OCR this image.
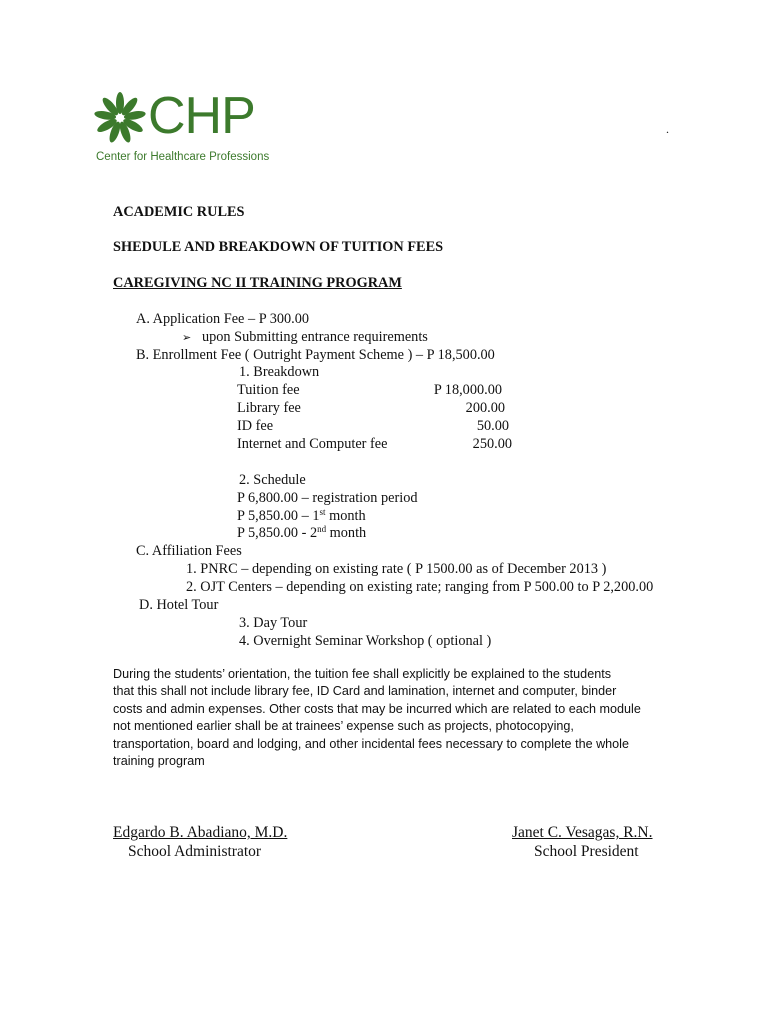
CHP
Center for Healthcare Professions
.
ACADEMIC RULES
SHEDULE AND BREAKDOWN OF TUITION FEES
CAREGIVING NC II TRAINING PROGRAM
A. Application Fee – P 300.00
➢ upon Submitting entrance requirements
B. Enrollment Fee ( Outright Payment Scheme ) – P 18,500.00
1. Breakdown
Tuition fee	P 18,000.00
Library fee	200.00
ID fee	50.00
Internet and Computer fee	250.00
2. Schedule
P 6,800.00 – registration period
P 5,850.00 – 1st month
P 5,850.00 - 2nd month
C. Affiliation Fees
1. PNRC – depending on existing rate ( P 1500.00 as of December 2013 )
2. OJT Centers – depending on existing rate; ranging from P 500.00 to P 2,200.00
D. Hotel Tour
3. Day Tour
4. Overnight Seminar Workshop ( optional )
During the students’ orientation, the tuition fee shall explicitly be explained to the students
that this shall not include library fee, ID Card and lamination, internet and computer, binder
costs and admin expenses. Other costs that may be incurred which are related to each module
not mentioned earlier shall be at trainees’ expense such as projects, photocopying,
transportation, board and lodging, and other incidental fees necessary to complete the whole
training program
Edgardo B. Abadiano, M.D.
School Administrator
Janet C. Vesagas, R.N.
School President
